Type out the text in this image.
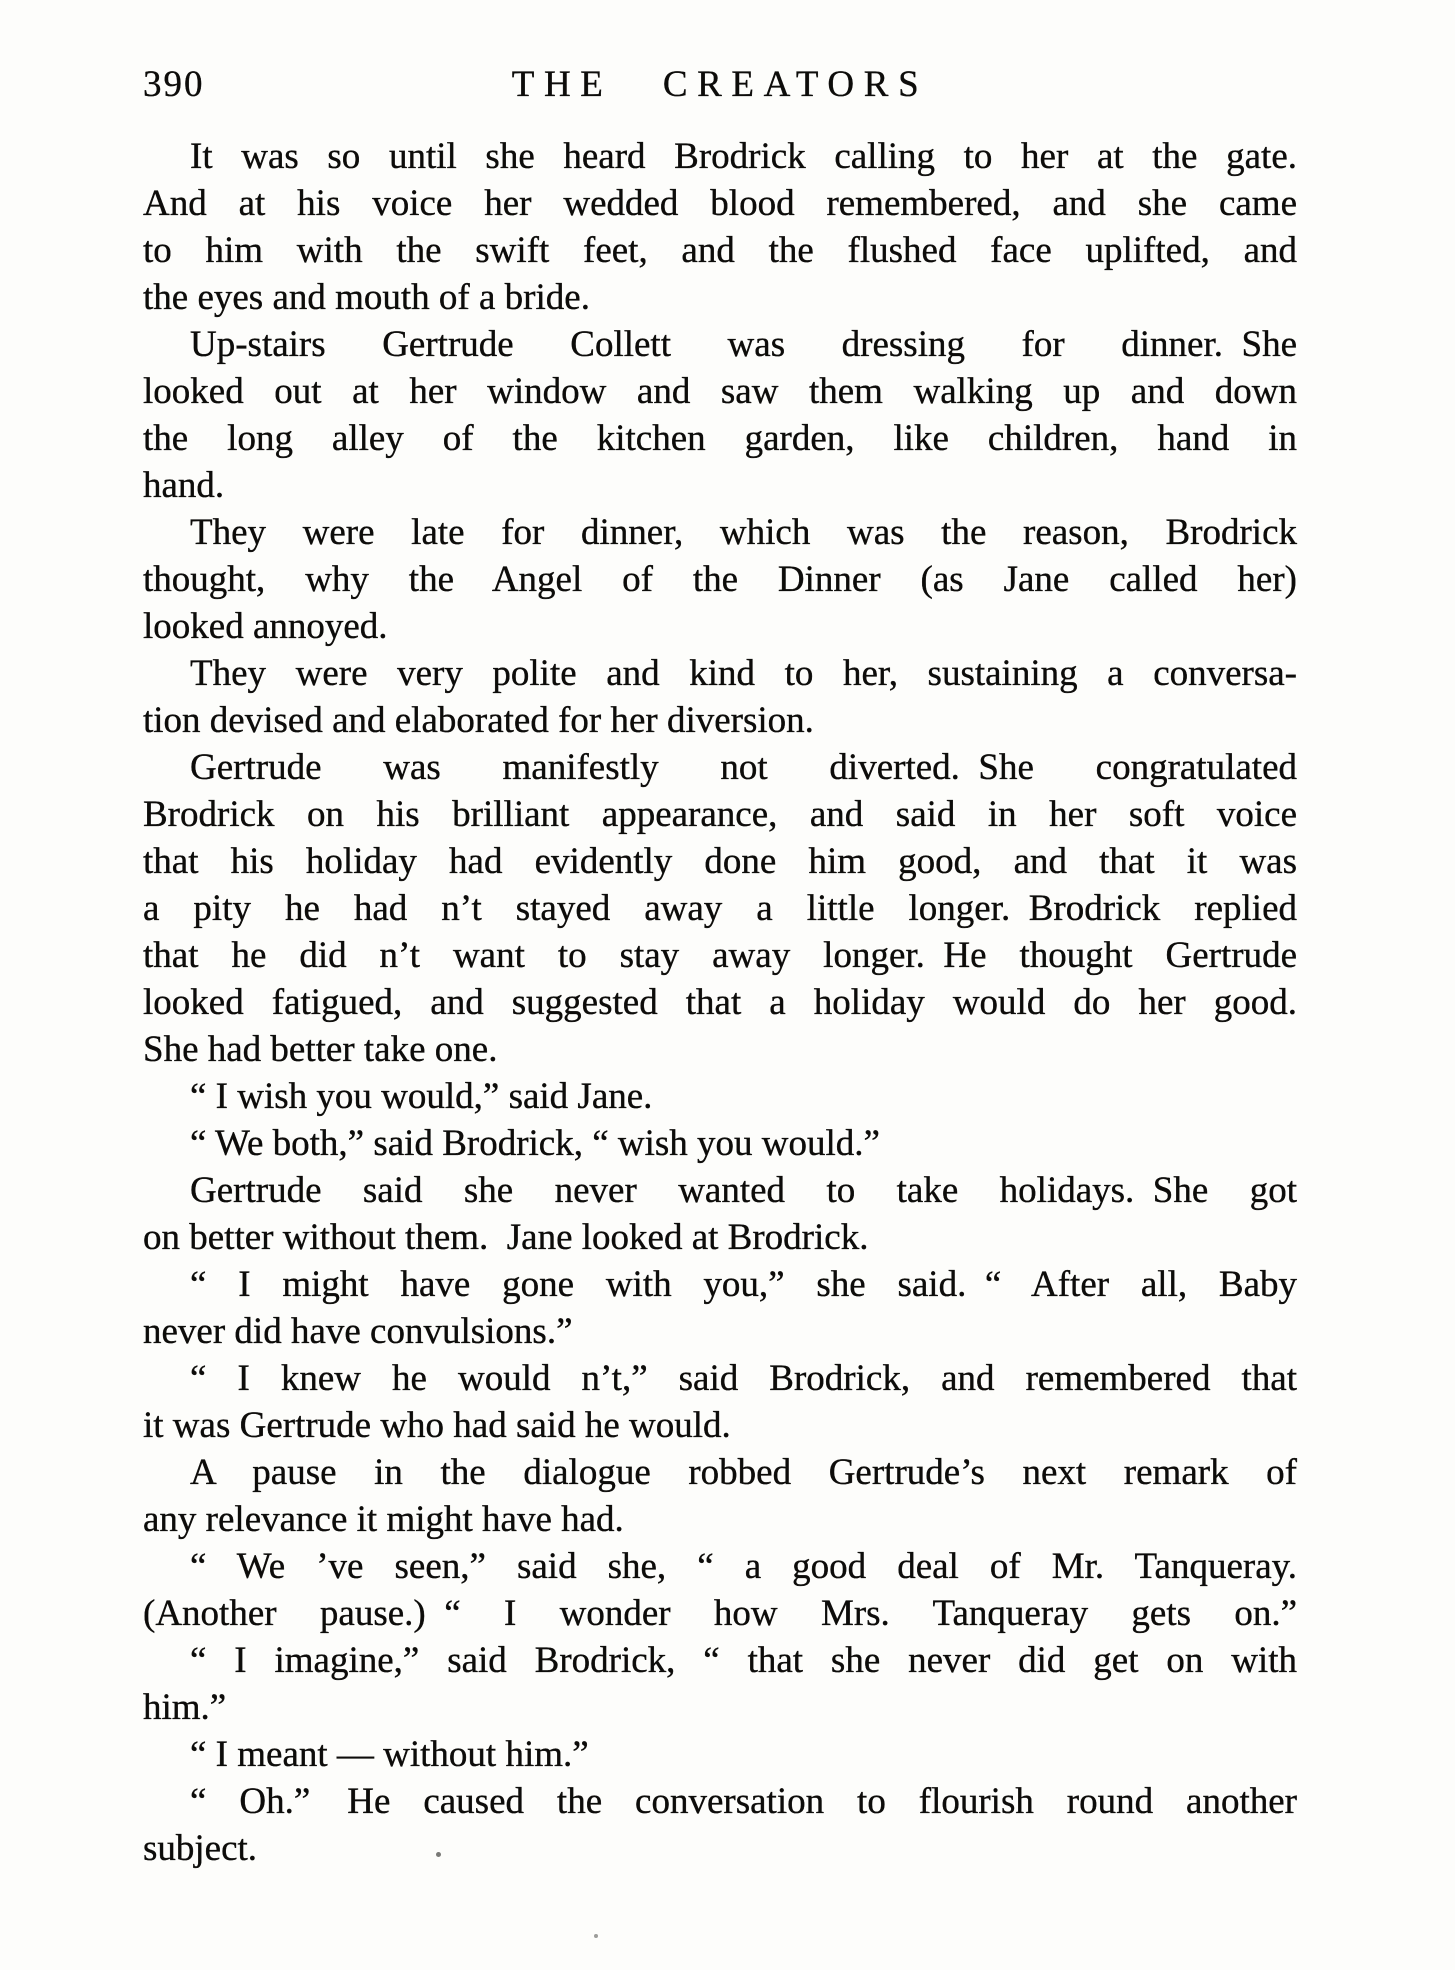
390	THE CREATORS
It was so until she heard Brodrick calling to her at the gate.
And at his voice her wedded blood remembered, and she came
to him with the swift feet, and the flushed face uplifted, and
the eyes and mouth of a bride.
Up-stairs Gertrude Collett was dressing for dinner. She
looked out at her window and saw them walking up and down
the long alley of the kitchen garden, like children, hand in
hand.
They were late for dinner, which was the reason, Brodrick
thought, why the Angel of the Dinner (as Jane called her)
looked annoyed.
They were very polite and kind to her, sustaining a conversa-
tion devised and elaborated for her diversion.
Gertrude was manifestly not diverted. She congratulated
Brodrick on his brilliant appearance, and said in her soft voice
that his holiday had evidently done him good, and that it was
a pity he had n’t stayed away a little longer. Brodrick replied
that he did n’t want to stay away longer. He thought Gertrude
looked fatigued, and suggested that a holiday would do her good.
She had better take one.
“ I wish you would,” said Jane.
“ We both,” said Brodrick, “ wish you would.”
Gertrude said she never wanted to take holidays. She got
on better without them. Jane looked at Brodrick.
“ I might have gone with you,” she said. “ After all, Baby
never did have convulsions.”
“ I knew he would n’t,” said Brodrick, and remembered that
it was Gertrude who had said he would.
A pause in the dialogue robbed Gertrude’s next remark of
any relevance it might have had.
“ We ’ve seen,” said she, “ a good deal of Mr. Tanqueray.
(Another pause.) “ I wonder how Mrs. Tanqueray gets on.”
“ I imagine,” said Brodrick, “ that she never did get on with
him.”
“ I meant — without him.”
“ Oh.” He caused the conversation to flourish round another
subject.
